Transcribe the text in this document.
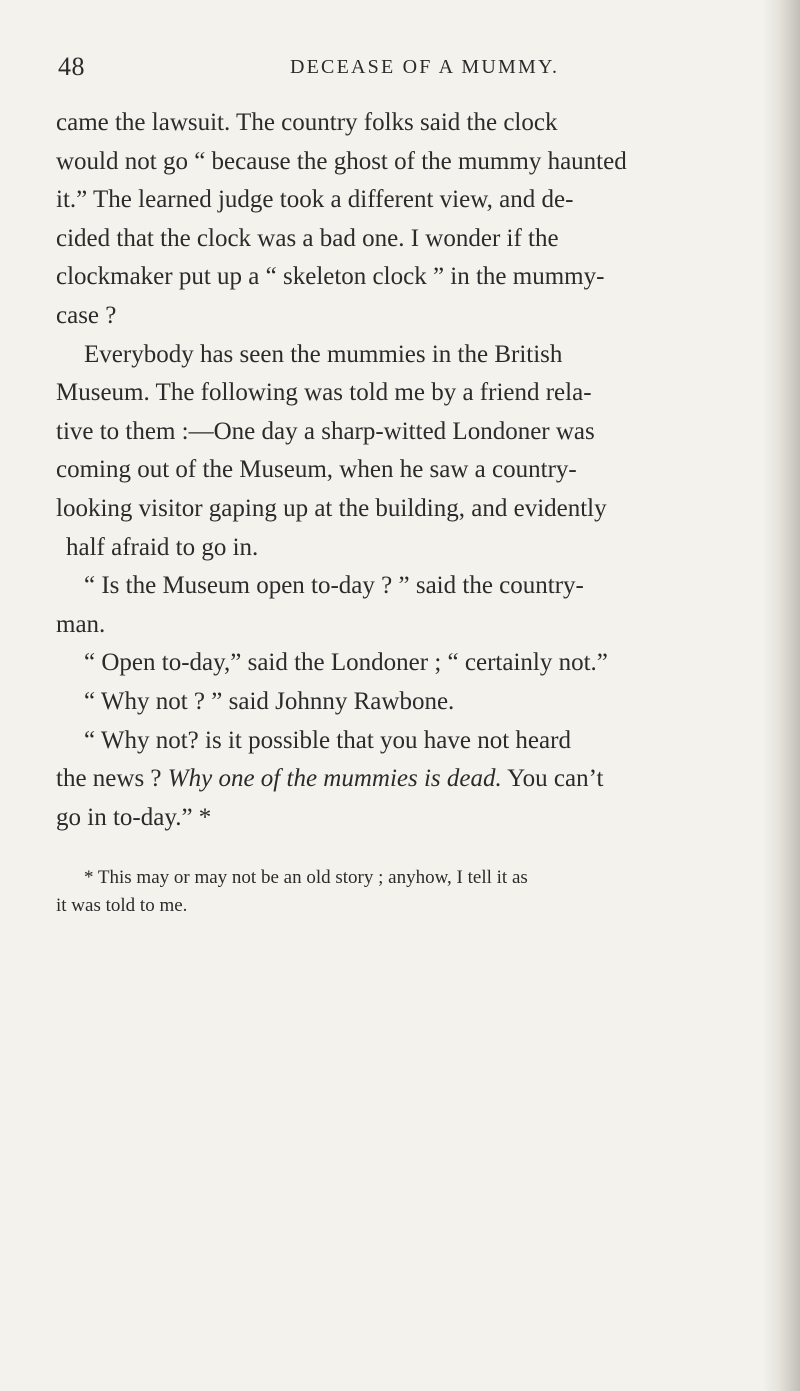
48	DECEASE OF A MUMMY.
came the lawsuit. The country folks said the clock
would not go “ because the ghost of the mummy haunted
it.” The learned judge took a different view, and de-
cided that the clock was a bad one. I wonder if the
clockmaker put up a “ skeleton clock ” in the mummy-
case ?
Everybody has seen the mummies in the British
Museum. The following was told me by a friend rela-
tive to them :—One day a sharp-witted Londoner was
coming out of the Museum, when he saw a country-
looking visitor gaping up at the building, and evidently
half afraid to go in.
“ Is the Museum open to-day ? ” said the country-
man.
“ Open to-day,” said the Londoner ; “ certainly not.”
“ Why not ? ” said Johnny Rawbone.
“ Why not? is it possible that you have not heard
the news ? Why one of the mummies is dead. You can’t
go in to-day.” *
* This may or may not be an old story ; anyhow, I tell it as
it was told to me.
